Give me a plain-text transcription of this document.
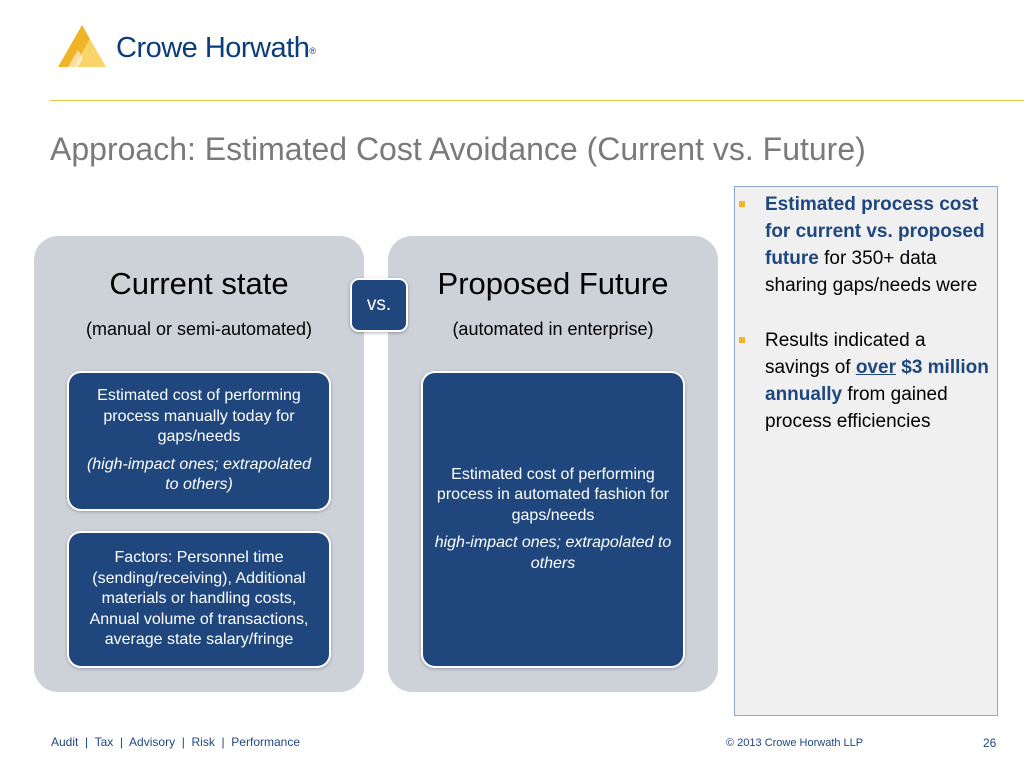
Crowe Horwath®
Approach: Estimated Cost Avoidance (Current vs. Future)
Current state
(manual or semi-automated)
Proposed Future
(automated in enterprise)

Estimated cost of performing process manually today for gaps/needs

(high-impact ones; extrapolated to others)

Factors: Personnel time (sending/receiving), Additional materials or handling costs, Annual volume of transactions, average state salary/fringe

Estimated cost of performing process in automated fashion for gaps/needs

high-impact ones; extrapolated to others

vs.
Estimated process cost for current vs. proposed future for 350+ data sharing gaps/needs were
Results indicated a savings of over $3 million annually from gained process efficiencies
Audit  |  Tax  |  Advisory  |  Risk  |  Performance	© 2013 Crowe Horwath LLP	26
